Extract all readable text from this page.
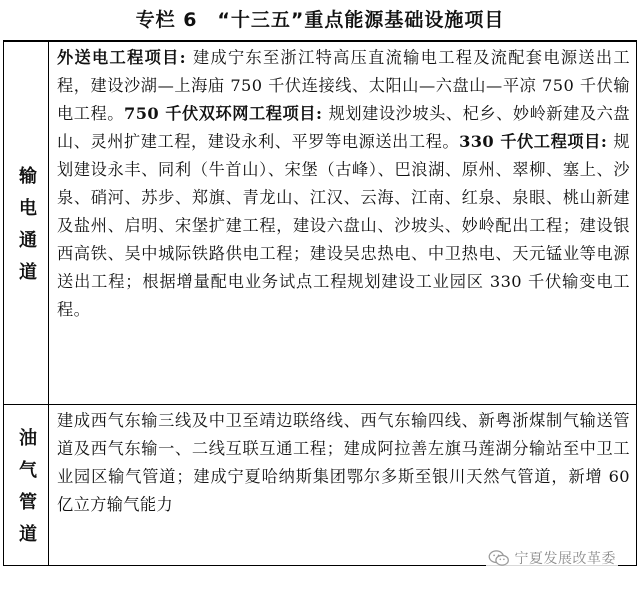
专栏 6　“十三五”重点能源基础设施项目
输电通道
外送电工程项目: 建成宁东至浙江特高压直流输电工程及流配套电源送出工程，建设沙湖—上海庙 750 千伏连接线、太阳山—六盘山—平凉 750 千伏输电工程。750 千伏双环网工程项目: 规划建设沙坡头、杞乡、妙岭新建及六盘山、灵州扩建工程，建设永利、平罗等电源送出工程。330 千伏工程项目: 规划建设永丰、同利（牛首山）、宋堡（古峰）、巴浪湖、原州、翠柳、塞上、沙泉、硝河、苏步、郑旗、青龙山、江汉、云海、江南、红泉、泉眼、桃山新建及盐州、启明、宋堡扩建工程，建设六盘山、沙坡头、妙岭配出工程；建设银西高铁、吴中城际铁路供电工程；建设吴忠热电、中卫热电、天元锰业等电源送出工程；根据增量配电业务试点工程规划建设工业园区 330 千伏输变电工程。
油气管道
建成西气东输三线及中卫至靖边联络线、西气东输四线、新粤浙煤制气输送管道及西气东输一、二线互联互通工程；建成阿拉善左旗马莲湖分输站至中卫工业园区输气管道；建成宁夏哈纳斯集团鄂尔多斯至银川天然气管道，新增 60 亿立方输气能力
宁夏发展改革委
